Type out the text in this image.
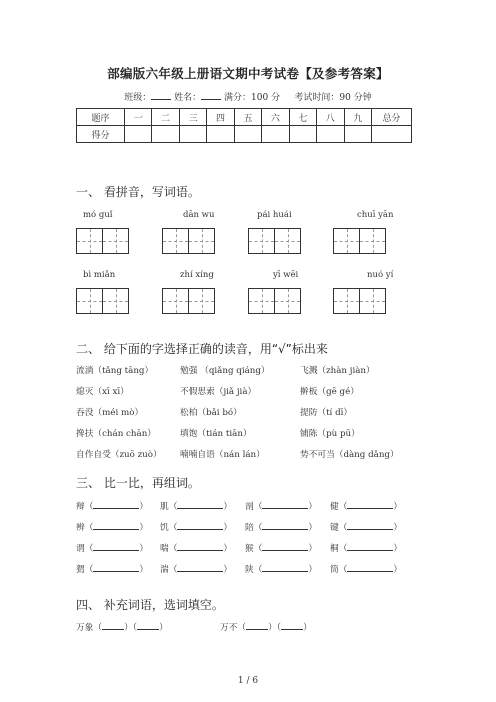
部编版六年级上册语文期中考试卷【及参考答案】
班级：	姓名：	满分：100 分 考试时间：90 分钟
题序	一	二	三	四	五	六	七	八	九	总分
得分										
一、 看拼音，写词语。
mó guǐ	dān wu	pái huái	chuī yān
bì miǎn	zhí xíng	yī wēi	nuó yí
二、 给下面的字选择正确的读音，用“√”标出来
流淌（tǎng tāng）	勉强 （qiǎng qiáng）	飞溅（zhàn jiàn）
熄灭（xī xī）	不假思索（jiǎ jià）	擀板（gē gé）
吞没（méi mò）	松柏（bǎi bó）	提防（tí dī）
搀扶（chán chān）	填饱（tián tiān）	铺陈（pù pū）
自作自受（zuō zuò） 喃喃自语（nán lán）	势不可当（dàng dǎng）
三、 比一比，再组词。
辩（	） 肌（	） 剖（	） 健（	）
辨（	） 饥（	） 陪（	） 键（	）
谓（	） 喘（	） 猴（	） 桐（	）
猬（	） 湍（	） 陕（	） 筒（	）
四、 补充词语，选词填空。
万象（	）（	）	万不（	）（	）
1 / 6
